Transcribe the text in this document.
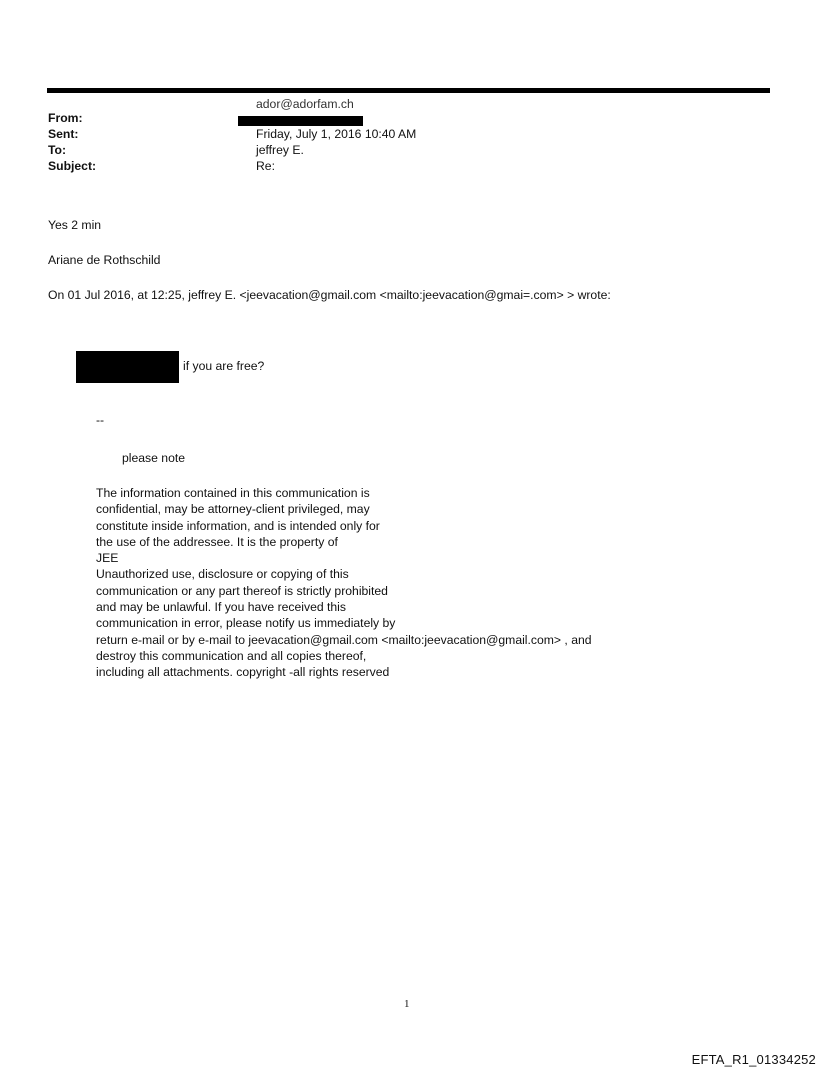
From:
ador@adorfam.ch
Sent:	Friday, July 1, 2016 10:40 AM
To:	jeffrey E.
Subject:	Re:
Yes 2 min
Ariane de Rothschild
On 01 Jul 2016, at 12:25, jeffrey E. <jeevacation@gmail.com <mailto:jeevacation@gmai=.com> > wrote:
if you are free?
--
please note
The information contained in this communication is
confidential, may be attorney-client privileged, may
constitute inside information, and is intended only for
the use of the addressee. It is the property of
JEE
Unauthorized use, disclosure or copying of this
communication or any part thereof is strictly prohibited
and may be unlawful. If you have received this
communication in error, please notify us immediately by
return e-mail or by e-mail to jeevacation@gmail.com <mailto:jeevacation@gmail.com> , and
destroy this communication and all copies thereof,
including all attachments. copyright -all rights reserved
1
EFTA_R1_01334252
